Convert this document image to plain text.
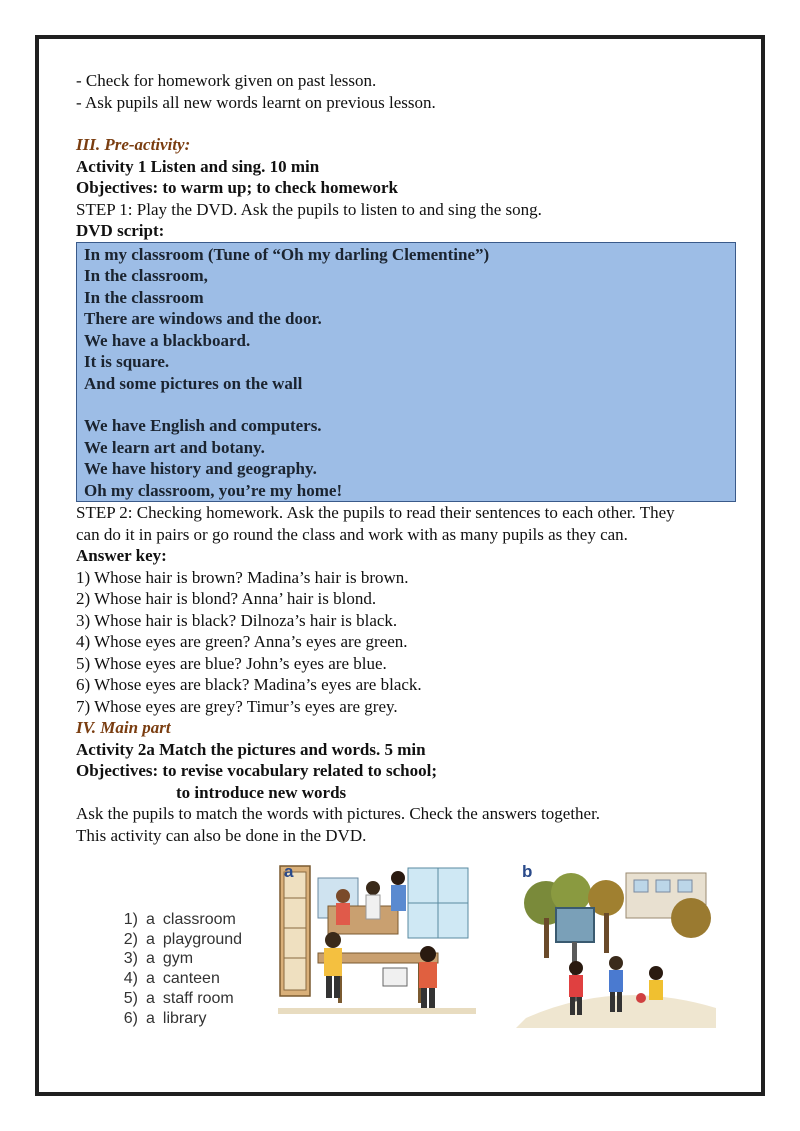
- Check for homework given on past lesson.
- Ask pupils all new words learnt on previous lesson.
III. Pre-activity:
Activity 1 Listen and sing. 10 min
Objectives: to warm up; to check homework
STEP 1: Play the DVD. Ask the pupils to listen to and sing the song.
DVD script:
In my classroom (Tune of “Oh my darling Clementine”)
In the classroom,
In the classroom
There are windows and the door.
We have a blackboard.
It is square.
And some pictures on the wall
We have English and computers.
We learn art and botany.
We have history and geography.
Oh my classroom, you’re my home!
STEP 2: Checking homework. Ask the pupils to read their sentences to each other. They
can do it in pairs or go round the class and work with as many pupils as they can.
Answer key:
1) Whose hair is brown? Madina’s hair is brown.
2) Whose hair is blond? Anna’ hair is blond.
3) Whose hair is black? Dilnoza’s hair is black.
4) Whose eyes are green? Anna’s eyes are green.
5) Whose eyes are blue? John’s eyes are blue.
6) Whose eyes are black? Madina’s eyes are black.
7) Whose eyes are grey? Timur’s eyes are grey.
IV. Main part
Activity 2a Match the pictures and words. 5 min
Objectives: to revise vocabulary related to school;
to introduce new words
Ask the pupils to match the words with pictures. Check the answers together.
This activity can also be done in the DVD.
1) a classroom
2) a playground
3) a gym
4) a canteen
5) a staff room
6) a library
a	b
